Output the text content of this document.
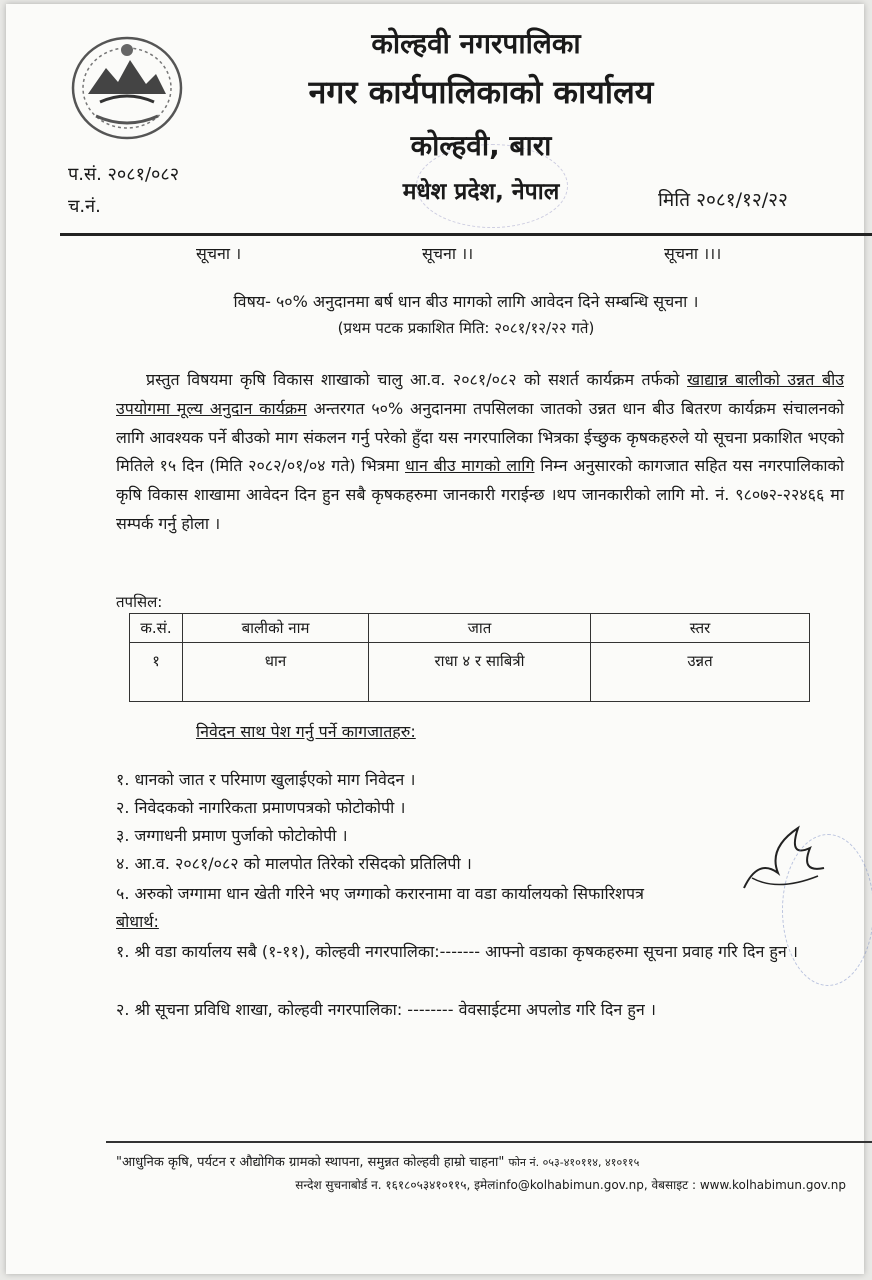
कोल्हवी नगरपालिका
नगर कार्यपालिकाको कार्यालय
कोल्हवी, बारा
मधेश प्रदेश, नेपाल
प.सं. २०८१/०८२
च.नं.	मिति २०८१/१२/२२
सूचना ।	सूचना ।।	सूचना ।।।
विषय- ५०% अनुदानमा बर्ष धान बीउ मागको लागि आवेदन दिने सम्बन्धि सूचना ।
(प्रथम पटक प्रकाशित मिति: २०८१/१२/२२ गते)
प्रस्तुत विषयमा कृषि विकास शाखाको चालु आ.व. २०८१/०८२ को सशर्त कार्यक्रम तर्फको खाद्यान्न बालीको उन्नत बीउ उपयोगमा मूल्य अनुदान कार्यक्रम अन्तरगत ५०% अनुदानमा तपसिलका जातको उन्नत धान बीउ बितरण कार्यक्रम संचालनको लागि आवश्यक पर्ने बीउको माग संकलन गर्नु परेको हुँदा यस नगरपालिका भित्रका ईच्छुक कृषकहरुले यो सूचना प्रकाशित भएको मितिले १५ दिन (मिति २०८२/०१/०४ गते) भित्रमा धान बीउ मागको लागि निम्न अनुसारको कागजात सहित यस नगरपालिकाको कृषि विकास शाखामा आवेदन दिन हुन सबै कृषकहरुमा जानकारी गराईन्छ ।थप जानकारीको लागि मो. नं. ९८०७२-२२४६६ मा सम्पर्क गर्नु होला ।
तपसिल:
क.सं.	बालीको नाम	जात	स्तर
१	धान	राधा ४ र साबित्री	उन्नत
निवेदन साथ पेश गर्नु पर्ने कागजातहरु:
१. धानको जात र परिमाण खुलाईएको माग निवेदन ।
२. निवेदकको नागरिकता प्रमाणपत्रको फोटोकोपी ।
३. जग्गाधनी प्रमाण पुर्जाको फोटोकोपी ।
४. आ.व. २०८१/०८२ को मालपोत तिरेको रसिदको प्रतिलिपी ।
५. अरुको जग्गामा धान खेती गरिने भए जग्गाको करारनामा वा वडा कार्यालयको सिफारिशपत्र
बोधार्थ:
१. श्री वडा कार्यालय सबै (१-११), कोल्हवी नगरपालिका:------- आफ्नो वडाका कृषकहरुमा सूचना प्रवाह गरि दिन हुन ।
२. श्री सूचना प्रविधि शाखा, कोल्हवी नगरपालिका: -------- वेवसाईटमा अपलोड गरि दिन हुन ।
"आधुनिक कृषि, पर्यटन र औद्योगिक ग्रामको स्थापना, समुन्नत कोल्हवी हाम्रो चाहना" फोन नं. ०५३-४१०११४, ४१०११५
सन्देश सुचनाबोर्ड न. १६१८०५३४१०११५, इमेलinfo@kolhabimun.gov.np, वेबसाइट : www.kolhabimun.gov.np
